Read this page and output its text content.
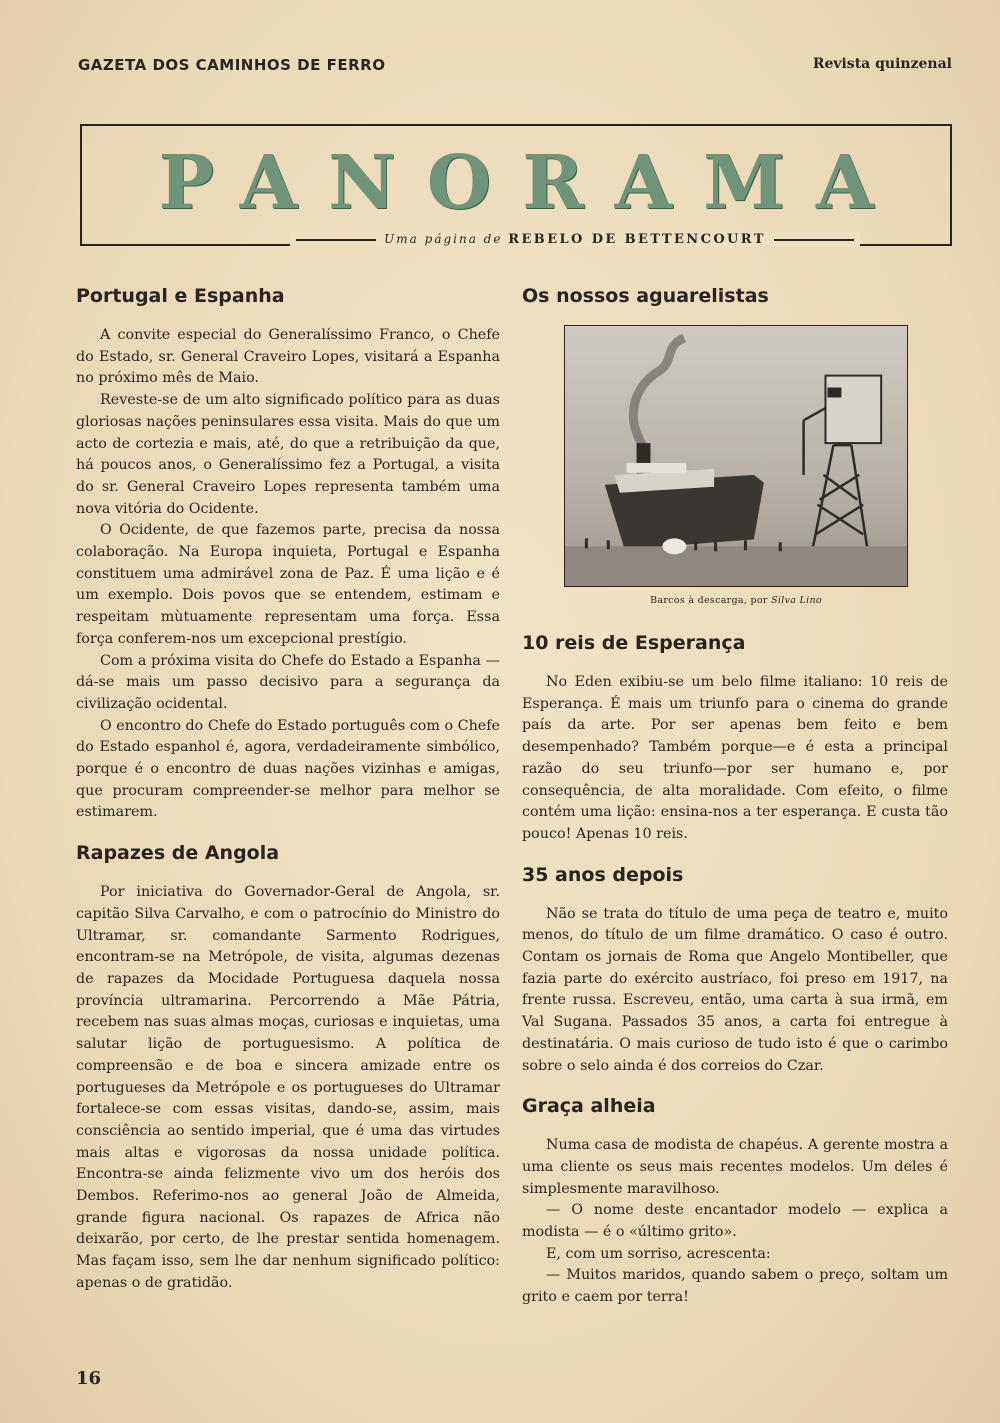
GAZETA DOS CAMINHOS DE FERRO	Revista quinzenal
PANORAMA
Uma página de REBELO DE BETTENCOURT
Portugal e Espanha

A convite especial do Generalíssimo Franco, o Chefe do Estado, sr. General Craveiro Lopes, visitará a Espanha no próximo mês de Maio.

Reveste-se de um alto significado político para as duas gloriosas nações peninsulares essa visita. Mais do que um acto de cortezia e mais, até, do que a retribuição da que, há poucos anos, o Generalíssimo fez a Portugal, a visita do sr. General Craveiro Lopes representa também uma nova vitória do Ocidente.

O Ocidente, de que fazemos parte, precisa da nossa colaboração. Na Europa inquieta, Portugal e Espanha constituem uma admirável zona de Paz. É uma lição e é um exemplo. Dois povos que se entendem, estimam e respeitam mùtuamente representam uma força. Essa força conferem-nos um excepcional prestígio.

Com a próxima visita do Chefe do Estado a Espanha — dá-se mais um passo decisivo para a segurança da civilização ocidental.

O encontro do Chefe do Estado português com o Chefe do Estado espanhol é, agora, verdadeiramente simbólico, porque é o encontro de duas nações vizinhas e amigas, que procuram compreender-se melhor para melhor se estimarem.

Rapazes de Angola

Por iniciativa do Governador-Geral de Angola, sr. capitão Silva Carvalho, e com o patrocínio do Ministro do Ultramar, sr. comandante Sarmento Rodrigues, encontram-se na Metrópole, de visita, algumas dezenas de rapazes da Mocidade Portuguesa daquela nossa província ultramarina. Percorrendo a Mãe Pátria, recebem nas suas almas moças, curiosas e inquietas, uma salutar lição de portuguesismo. A política de compreensão e de boa e sincera amizade entre os portugueses da Metrópole e os portugueses do Ultramar fortalece-se com essas visitas, dando-se, assim, mais consciência ao sentido imperial, que é uma das virtudes mais altas e vigorosas da nossa unidade política. Encontra-se ainda felizmente vivo um dos heróis dos Dembos. Referimo-nos ao general João de Almeida, grande figura nacional. Os rapazes de Africa não deixarão, por certo, de lhe prestar sentida homenagem. Mas façam isso, sem lhe dar nenhum significado político: apenas o de gratidão.

Os nossos aguarelistas
Barcos à descarga, por Silva Lino
10 reis de Esperança

No Eden exibiu-se um belo filme italiano: 10 reis de Esperança. É mais um triunfo para o cinema do grande país da arte. Por ser apenas bem feito e bem desempenhado? Também porque—e é esta a principal razão do seu triunfo—por ser humano e, por consequência, de alta moralidade. Com efeito, o filme contém uma lição: ensina-nos a ter esperança. E custa tão pouco! Apenas 10 reis.

35 anos depois

Não se trata do título de uma peça de teatro e, muito menos, do título de um filme dramático. O caso é outro. Contam os jornais de Roma que Angelo Montibeller, que fazia parte do exército austríaco, foi preso em 1917, na frente russa. Escreveu, então, uma carta à sua irmã, em Val Sugana. Passados 35 anos, a carta foi entregue à destinatária. O mais curioso de tudo isto é que o carimbo sobre o selo ainda é dos correios do Czar.

Graça alheia

Numa casa de modista de chapéus. A gerente mostra a uma cliente os seus mais recentes modelos. Um deles é simplesmente maravilhoso.

— O nome deste encantador modelo — explica a modista — é o «último grito».

E, com um sorriso, acrescenta:

— Muitos maridos, quando sabem o preço, soltam um grito e caem por terra!

16
